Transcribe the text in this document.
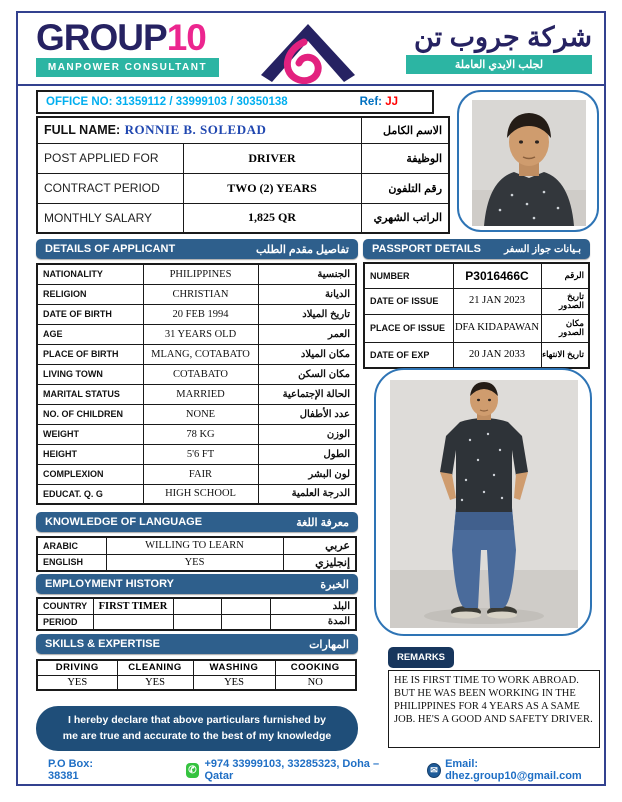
GROUP10
MANPOWER CONSULTANT
شركة جروب تن
لجلب الايدي العاملة
OFFICE NO: 31359112 / 33999103 / 30350138	Ref: JJ
FULL NAME: RONNIE B. SOLEDAD		الاسم الكامل
POST APPLIED FOR	DRIVER	الوظيفة
CONTRACT PERIOD	TWO (2) YEARS	رقم التلفون
MONTHLY SALARY	1,825 QR	الراتب الشهري
DETAILS OF APPLICANT	تفاصيل مقدم الطلب
NATIONALITY	PHILIPPINES	الجنسية
RELIGION	CHRISTIAN	الديانة
DATE OF BIRTH	20 FEB 1994	تاريخ الميلاد
AGE	31 YEARS OLD	العمر
PLACE OF BIRTH	MLANG, COTABATO	مكان الميلاد
LIVING TOWN	COTABATO	مكان السكن
MARITAL STATUS	MARRIED	الحالة الإجتماعية
NO. OF CHILDREN	NONE	عدد الأطفال
WEIGHT	78 KG	الوزن
HEIGHT	5'6 FT	الطول
COMPLEXION	FAIR	لون البشر
EDUCAT. Q. G	HIGH SCHOOL	الدرجة العلمية
KNOWLEDGE OF LANGUAGE	معرفة اللغة
ARABIC	WILLING TO LEARN	عربي
ENGLISH	YES	إنجليزي
EMPLOYMENT HISTORY	الخبرة
COUNTRY	FIRST TIMER			البلد
PERIOD				المدة
SKILLS & EXPERTISE	المهارات
DRIVING	CLEANING	WASHING	COOKING
YES	YES	YES	NO
I hereby declare that above particulars furnished by me are true and accurate to the best of my knowledge
PASSPORT DETAILS بـيانات جواز السفر
NUMBER	P3016466C	الرقم
DATE OF ISSUE	21 JAN 2023	تاريخ الصدور
PLACE OF ISSUE	DFA KIDAPAWAN	مكان الصدور
DATE OF EXP	20 JAN 2033	تاريخ الانتهاء
REMARKS
HE IS FIRST TIME TO WORK ABROAD. BUT HE WAS BEEN WORKING IN THE PHILIPPINES FOR 4 YEARS AS A SAME JOB. HE'S A GOOD AND SAFETY DRIVER.
P.O Box: 38381	✆ +974 33999103, 33285323, Doha – Qatar
✉ Email: dhez.group10@gmail.com
